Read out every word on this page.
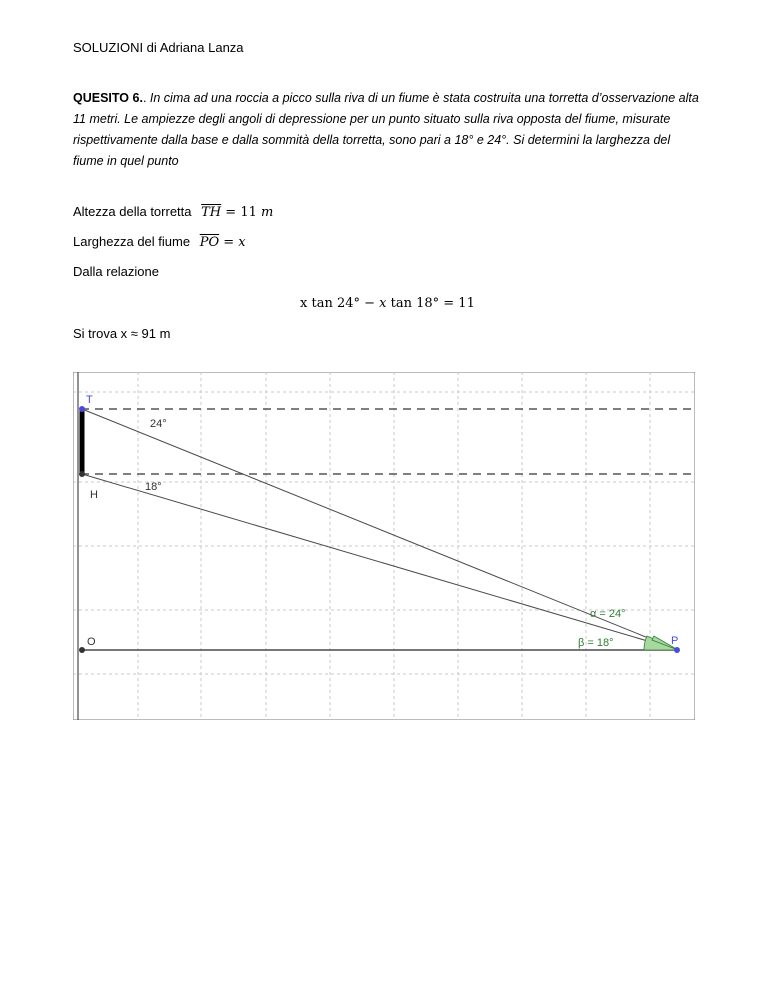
SOLUZIONI di Adriana Lanza
QUESITO 6.. In cima ad una roccia a picco sulla riva di un fiume è stata costruita una torretta d’osservazione alta 11 metri. Le ampiezze degli angoli di depressione per un punto situato sulla riva opposta del fiume, misurate rispettivamente dalla base e dalla sommità della torretta, sono pari a 18° e 24°. Si determini la larghezza del fiume in quel punto
Altezza della torretta $\overline{TH} = 11$ m
Larghezza del fiume $\overline{PO} = x$
Dalla relazione
x tan 24° − x tan 18° = 11
Si trova x ≈ 91 m
T
H
O	P
24°
18°
α = 24°
β = 18°
